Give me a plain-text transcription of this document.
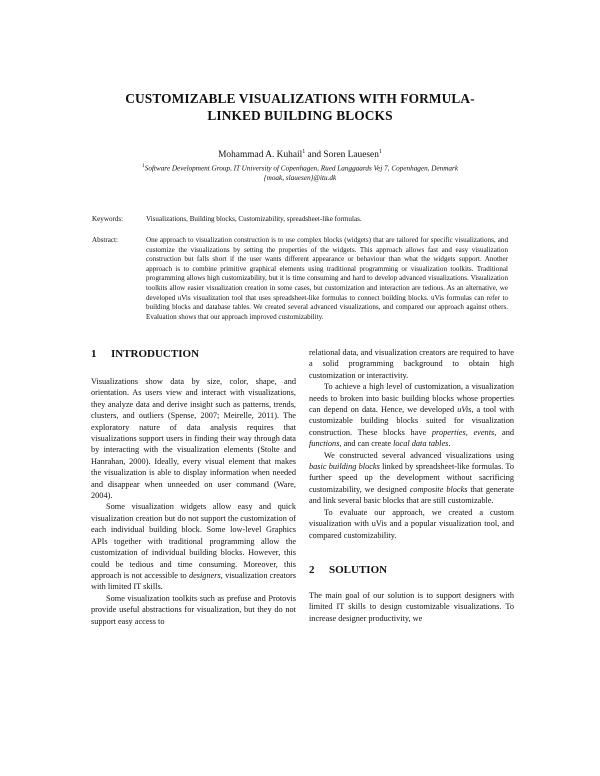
CUSTOMIZABLE VISUALIZATIONS WITH FORMULA-
LINKED BUILDING BLOCKS
Mohammad A. Kuhail$^1$ and Soren Lauesen$^1$
$^1$Software Development Group, IT University of Copenhagen, Rued Langgaards Vej 7, Copenhagen, Denmark
{moak, slauesen}@itu.dk
Keywords:	Visualizations, Building blocks, Customizability, spreadsheet-like formulas.
Abstract:	One approach to visualization construction is to use complex blocks (widgets) that are tailored for specific visualizations, and customize the visualizations by setting the properties of the widgets. This approach allows fast and easy visualization construction but falls short if the user wants different appearance or behaviour than what the widgets support. Another approach is to combine primitive graphical elements using traditional programming or visualization toolkits. Traditional programming allows high customizability, but it is time consuming and hard to develop advanced visualizations. Visualization toolkits allow easier visualization creation in some cases, but customization and interaction are tedious. As an alternative, we developed uVis visualization tool that uses spreadsheet-like formulas to connect building blocks. uVis formulas can refer to building blocks and database tables. We created several advanced visualizations, and compared our approach against others. Evaluation shows that our approach improved customizability.
1 INTRODUCTION

Visualizations show data by size, color, shape, and orientation. As users view and interact with visualizations, they analyze data and derive insight such as patterns, trends, clusters, and outliers (Spense, 2007; Meirelle, 2011). The exploratory nature of data analysis requires that visualizations support users in finding their way through data by interacting with the visualization elements (Stolte and Hanrahan, 2000). Ideally, every visual element that makes the visualization is able to display information when needed and disappear when unneeded on user command (Ware, 2004).

Some visualization widgets allow easy and quick visualization creation but do not support the customization of each individual building block. Some low-level Graphics APIs together with traditional programming allow the customization of individual building blocks. However, this could be tedious and time consuming. Moreover, this approach is not accessible to designers, visualization creators with limited IT skills.

Some visualization toolkits such as prefuse and Protovis provide useful abstractions for visualization, but they do not support easy access to

relational data, and visualization creators are required to have a solid programming background to obtain high customization or interactivity.

To achieve a high level of customization, a visualization needs to broken into basic building blocks whose properties can depend on data. Hence, we developed uVis, a tool with customizable building blocks suited for visualization construction. These blocks have properties, events, and functions, and can create local data tables.

We constructed several advanced visualizations using basic building blocks linked by spreadsheet-like formulas. To further speed up the development without sacrificing customizability, we designed composite blocks that generate and link several basic blocks that are still customizable.

To evaluate our approach, we created a custom visualization with uVis and a popular visualization tool, and compared customizability.

2 SOLUTION

The main goal of our solution is to support designers with limited IT skills to design customizable visualizations. To increase designer productivity, we
